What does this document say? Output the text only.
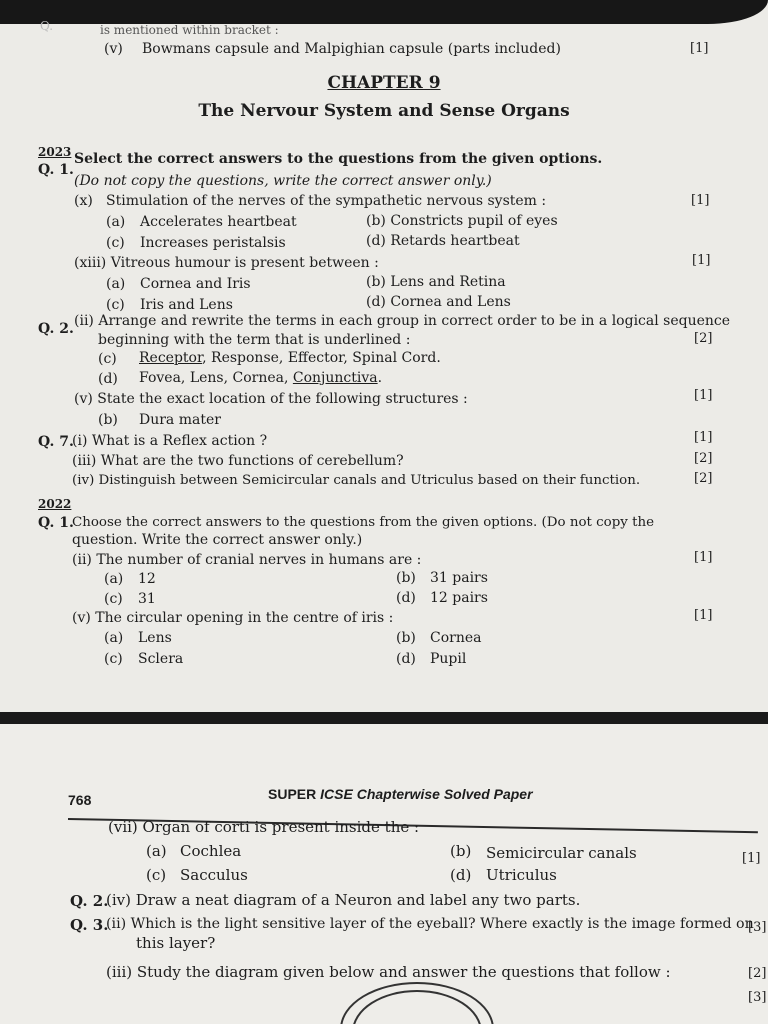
Q.	is mentioned within bracket :
(v) Bowmans capsule and Malpighian capsule (parts included)	[1]
CHAPTER 9
The Nervour System and Sense Organs
2023
Q. 1.
Select the correct answers to the questions from the given options.
(Do not copy the questions, write the correct answer only.)
(x) Stimulation of the nerves of the sympathetic nervous system :	[1]
(a) Accelerates heartbeat	(b) Constricts pupil of eyes
(c) Increases peristalsis	(d) Retards heartbeat
(xiii) Vitreous humour is present between :	[1]
(a) Cornea and Iris	(b) Lens and Retina
(c) Iris and Lens	(d) Cornea and Lens
Q. 2. (ii) Arrange and rewrite the terms in each group in correct order to be in a logical sequence
beginning with the term that is underlined :	[2]
(c) Receptor, Response, Effector, Spinal Cord.
(d) Fovea, Lens, Cornea, Conjunctiva.
(v) State the exact location of the following structures :	[1]
(b) Dura mater
Q. 7.
(i) What is a Reflex action ?	[1]
(iii) What are the two functions of cerebellum?	[2]
(iv) Distinguish between Semicircular canals and Utriculus based on their function.	[2]
2022
Q. 1.
Choose the correct answers to the questions from the given options. (Do not copy the
question. Write the correct answer only.)
(ii) The number of cranial nerves in humans are :	[1]
(a) 12	(b) 31 pairs
(c) 31	(d) 12 pairs
(v) The circular opening in the centre of iris :	[1]
(a) Lens	(b) Cornea
(c) Sclera	(d) Pupil
768	SUPER ICSE Chapterwise Solved Paper
(vii) Organ of corti is present inside the :
(a) Cochlea	(b) Semicircular canals
(c) Sacculus	(d) Utriculus
[1]
Q. 2.
(iv) Draw a neat diagram of a Neuron and label any two parts.
Q. 3.
(ii) Which is the light sensitive layer of the eyeball? Where exactly is the image formed on
this layer?
[3]
(iii) Study the diagram given below and answer the questions that follow :	[2]
[3]
